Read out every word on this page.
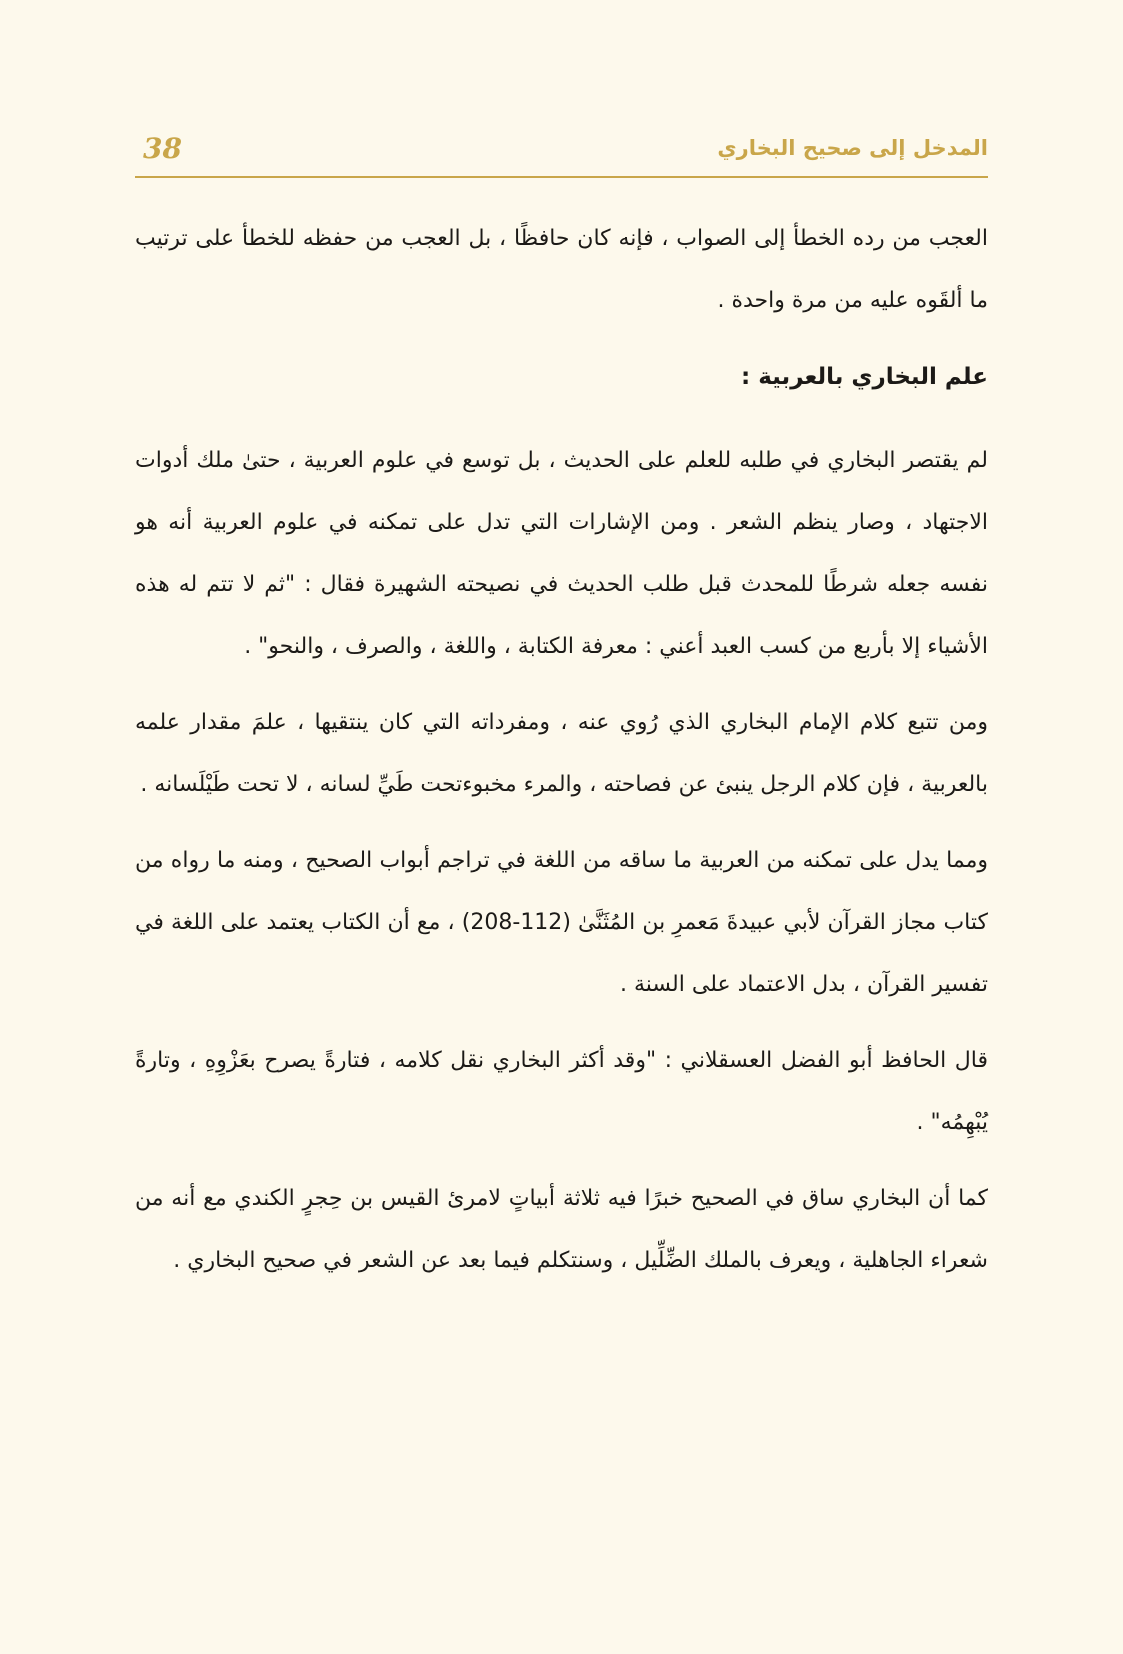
38	المدخل إلى صحيح البخاري

العجب من رده الخطأ إلى الصواب ، فإنه كان حافظًا ، بل العجب من حفظه للخطأ على ترتيب ما ألقَوه عليه من مرة واحدة .

علم البخاري بالعربية :

لم يقتصر البخاري في طلبه للعلم على الحديث ، بل توسع في علوم العربية ، حتىٰ ملك أدوات الاجتهاد ، وصار ينظم الشعر . ومن الإشارات التي تدل على تمكنه في علوم العربية أنه هو نفسه جعله شرطًا للمحدث قبل طلب الحديث في نصيحته الشهيرة فقال : "ثم لا تتم له هذه الأشياء إلا بأربع من كسب العبد أعني : معرفة الكتابة ، واللغة ، والصرف ، والنحو" .

ومن تتبع كلام الإمام البخاري الذي رُوي عنه ، ومفرداته التي كان ينتقيها ، علمَ مقدار علمه بالعربية ، فإن كلام الرجل ينبئ عن فصاحته ، والمرء مخبوءتحت طَيِّ لسانه ، لا تحت طَيْلَسانه .

ومما يدل على تمكنه من العربية ما ساقه من اللغة في تراجم أبواب الصحيح ، ومنه ما رواه من كتاب مجاز القرآن لأبي عبيدةَ مَعمرِ بن المُثَنَّىٰ (112-208) ، مع أن الكتاب يعتمد على اللغة في تفسير القرآن ، بدل الاعتماد على السنة .

قال الحافظ أبو الفضل العسقلاني : "وقد أكثر البخاري نقل كلامه ، فتارةً يصرح بعَزْوِهِ ، وتارةً يُبْهِمُه" .

كما أن البخاري ساق في الصحيح خبرًا فيه ثلاثة أبياتٍ لامرئ القيس بن حِجرٍ الكندي مع أنه من شعراء الجاهلية ، ويعرف بالملك الضِّلِّيل ، وسنتكلم فيما بعد عن الشعر في صحيح البخاري .
